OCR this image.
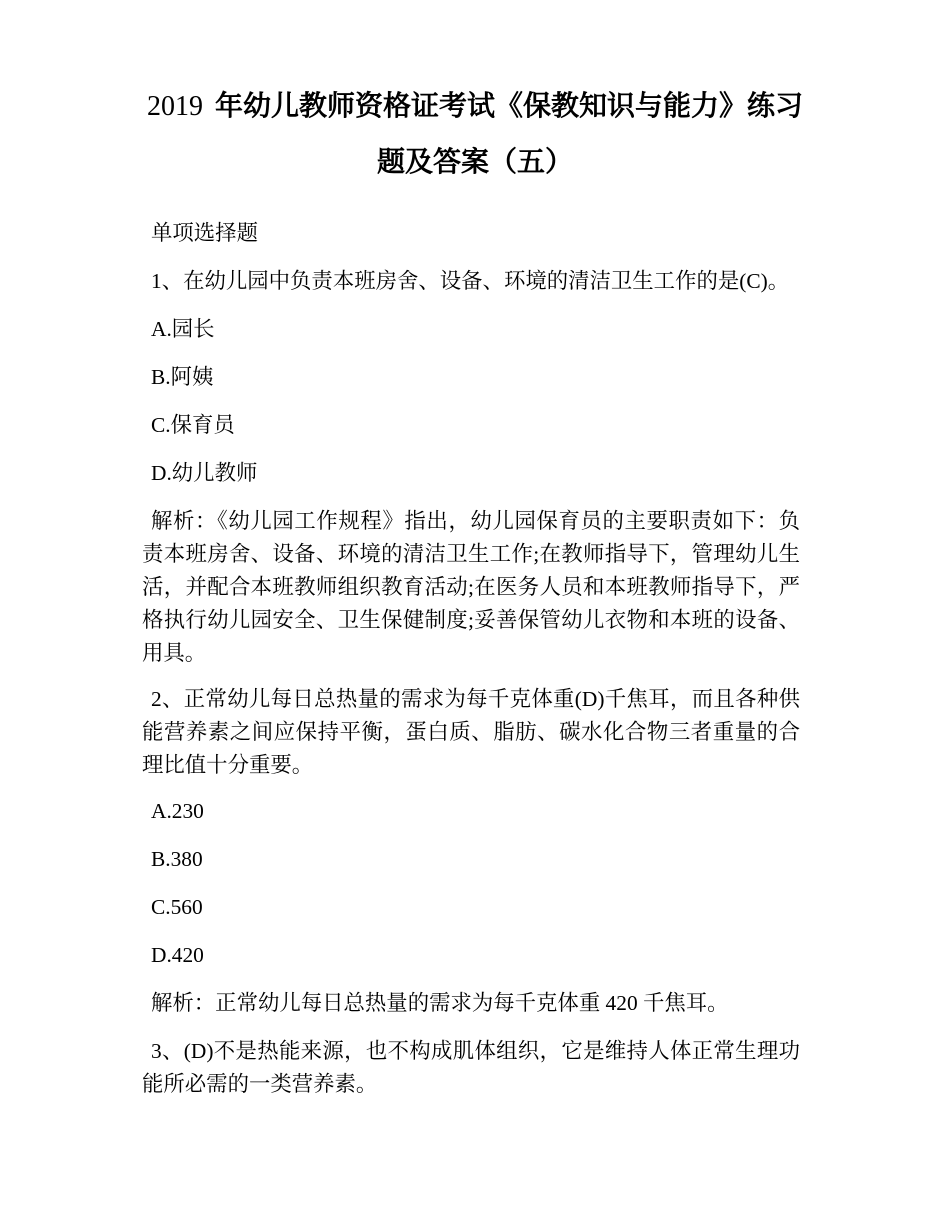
2019 年幼儿教师资格证考试《保教知识与能力》练习
题及答案（五）

单项选择题

1、在幼儿园中负责本班房舍、设备、环境的清洁卫生工作的是(C)。

A.园长

B.阿姨

C.保育员

D.幼儿教师

解析：《幼儿园工作规程》指出，幼儿园保育员的主要职责如下：负
责本班房舍、设备、环境的清洁卫生工作;在教师指导下，管理幼儿生
活，并配合本班教师组织教育活动;在医务人员和本班教师指导下，严
格执行幼儿园安全、卫生保健制度;妥善保管幼儿衣物和本班的设备、
用具。

2、正常幼儿每日总热量的需求为每千克体重(D)千焦耳，而且各种供
能营养素之间应保持平衡，蛋白质、脂肪、碳水化合物三者重量的合
理比值十分重要。

A.230

B.380

C.560

D.420

解析：正常幼儿每日总热量的需求为每千克体重 420 千焦耳。

3、(D)不是热能来源，也不构成肌体组织，它是维持人体正常生理功
能所必需的一类营养素。
